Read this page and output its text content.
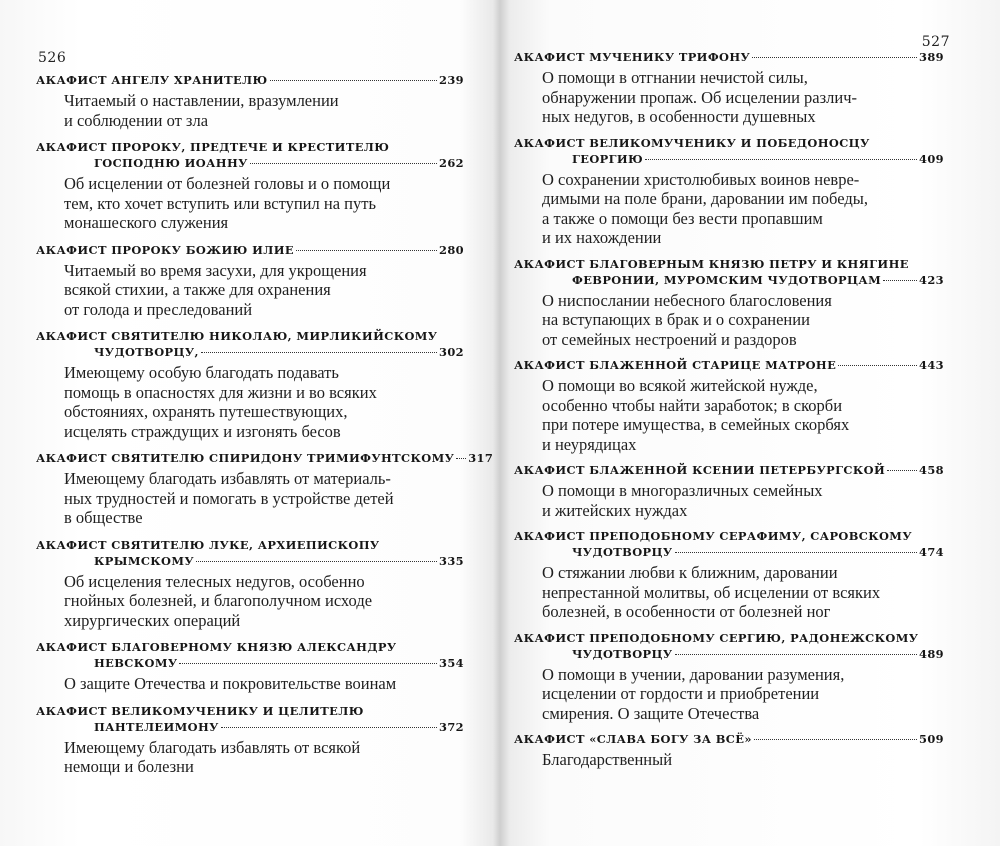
526
АКАФИСТ АНГЕЛУ ХРАНИТЕЛЮ	239
Читаемый о наставлении, вразумлении
и соблюдении от зла
АКАФИСТ ПРОРОКУ, ПРЕДТЕЧЕ И КРЕСТИТЕЛЮ
ГОСПОДНЮ ИОАННУ	262
Об исцелении от болезней головы и о помощи
тем, кто хочет вступить или вступил на путь
монашеского служения
АКАФИСТ ПРОРОКУ БОЖИЮ ИЛИЕ	280
Читаемый во время засухи, для укрощения
всякой стихии, а также для охранения
от голода и преследований
АКАФИСТ СВЯТИТЕЛЮ НИКОЛАЮ, МИРЛИКИЙСКОМУ
ЧУДОТВОРЦУ,	302
Имеющему особую благодать подавать
помощь в опасностях для жизни и во всяких
обстояниях, охранять путешествующих,
исцелять страждущих и изгонять бесов
АКАФИСТ СВЯТИТЕЛЮ СПИРИДОНУ ТРИМИФУНТСКОМУ 317
Имеющему благодать избавлять от материаль-
ных трудностей и помогать в устройстве детей
в обществе
АКАФИСТ СВЯТИТЕЛЮ ЛУКЕ, АРХИЕПИСКОПУ
КРЫМСКОМУ	335
Об исцеления телесных недугов, особенно
гнойных болезней, и благополучном исходе
хирургических операций
АКАФИСТ БЛАГОВЕРНОМУ КНЯЗЮ АЛЕКСАНДРУ
НЕВСКОМУ	354
О защите Отечества и покровительстве воинам
АКАФИСТ ВЕЛИКОМУЧЕНИКУ И ЦЕЛИТЕЛЮ
ПАНТЕЛЕИМОНУ	372
Имеющему благодать избавлять от всякой
немощи и болезни
527
АКАФИСТ МУЧЕНИКУ ТРИФОНУ	389
О помощи в отгнании нечистой силы,
обнаружении пропаж. Об исцелении различ-
ных недугов, в особенности душевных
АКАФИСТ ВЕЛИКОМУЧЕНИКУ И ПОБЕДОНОСЦУ
ГЕОРГИЮ	409
О сохранении христолюбивых воинов невре-
димыми на поле брани, даровании им победы,
а также о помощи без вести пропавшим
и их нахождении
АКАФИСТ БЛАГОВЕРНЫМ КНЯЗЮ ПЕТРУ И КНЯГИНЕ
ФЕВРОНИИ, МУРОМСКИМ ЧУДОТВОРЦАМ	423
О ниспослании небесного благословения
на вступающих в брак и о сохранении
от семейных нестроений и раздоров
АКАФИСТ БЛАЖЕННОЙ СТАРИЦЕ МАТРОНЕ	443
О помощи во всякой житейской нужде,
особенно чтобы найти заработок; в скорби
при потере имущества, в семейных скорбях
и неурядицах
АКАФИСТ БЛАЖЕННОЙ КСЕНИИ ПЕТЕРБУРГСКОЙ	458
О помощи в многоразличных семейных
и житейских нуждах
АКАФИСТ ПРЕПОДОБНОМУ СЕРАФИМУ, САРОВСКОМУ
ЧУДОТВОРЦУ	474
О стяжании любви к ближним, даровании
непрестанной молитвы, об исцелении от всяких
болезней, в особенности от болезней ног
АКАФИСТ ПРЕПОДОБНОМУ СЕРГИЮ, РАДОНЕЖСКОМУ
ЧУДОТВОРЦУ	489
О помощи в учении, даровании разумения,
исцелении от гордости и приобретении
смирения. О защите Отечества
АКАФИСТ «СЛАВА БОГУ ЗА ВСЁ»	509
Благодарственный
